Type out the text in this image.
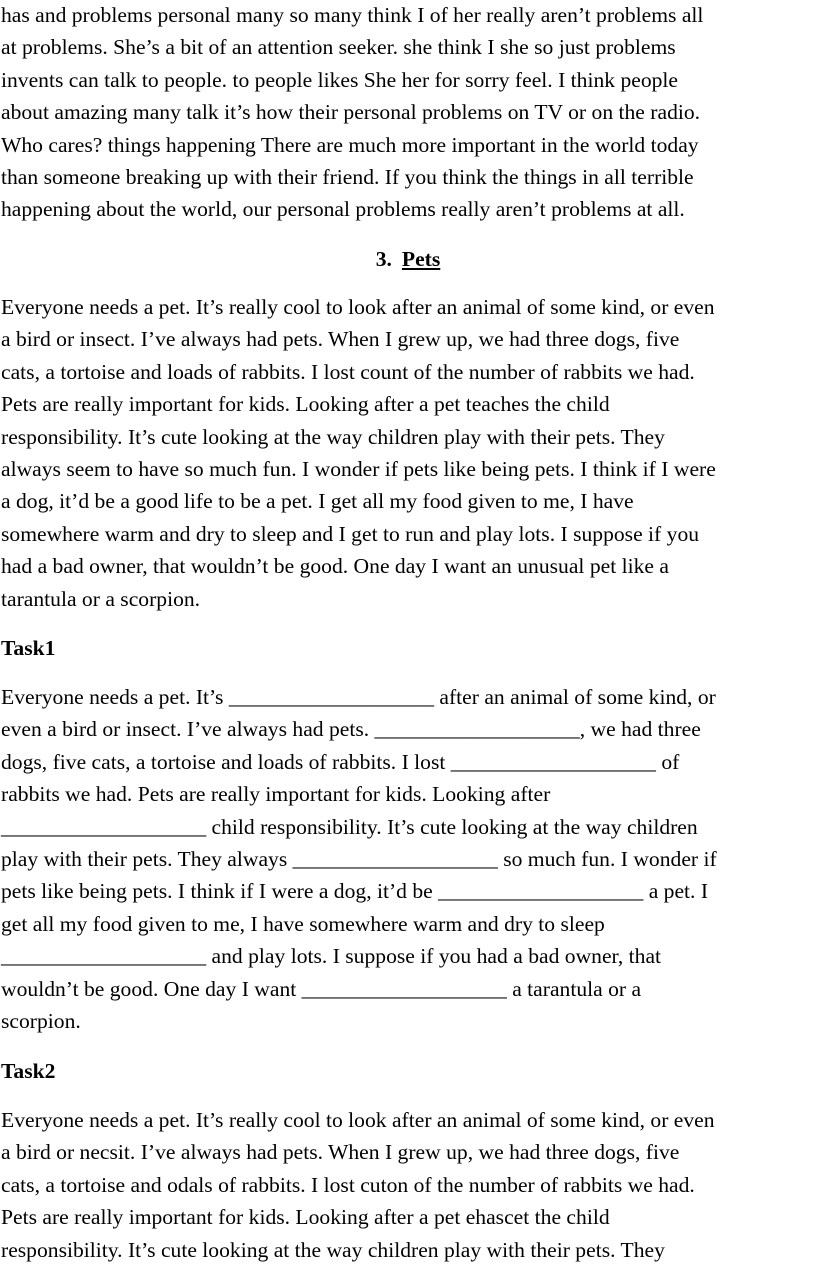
has and problems personal many so many think I of her really aren’t problems all
at problems. She’s a bit of an attention seeker. she think I she so just problems
invents can talk to people. to people likes She her for sorry feel. I think people
about amazing many talk it’s how their personal problems on TV or on the radio.
Who cares? things happening There are much more important in the world today
than someone breaking up with their friend. If you think the things in all terrible
happening about the world, our personal problems really aren’t problems at all.
3. Pets
Everyone needs a pet. It’s really cool to look after an animal of some kind, or even
a bird or insect. I’ve always had pets. When I grew up, we had three dogs, five
cats, a tortoise and loads of rabbits. I lost count of the number of rabbits we had.
Pets are really important for kids. Looking after a pet teaches the child
responsibility. It’s cute looking at the way children play with their pets. They
always seem to have so much fun. I wonder if pets like being pets. I think if I were
a dog, it’d be a good life to be a pet. I get all my food given to me, I have
somewhere warm and dry to sleep and I get to run and play lots. I suppose if you
had a bad owner, that wouldn’t be good. One day I want an unusual pet like a
tarantula or a scorpion.
Task1
Everyone needs a pet. It’s ___________________ after an animal of some kind, or
even a bird or insect. I’ve always had pets. ___________________, we had three
dogs, five cats, a tortoise and loads of rabbits. I lost ___________________ of
rabbits we had. Pets are really important for kids. Looking after
___________________ child responsibility. It’s cute looking at the way children
play with their pets. They always ___________________ so much fun. I wonder if
pets like being pets. I think if I were a dog, it’d be ___________________ a pet. I
get all my food given to me, I have somewhere warm and dry to sleep
___________________ and play lots. I suppose if you had a bad owner, that
wouldn’t be good. One day I want ___________________ a tarantula or a
scorpion.
Task2
Everyone needs a pet. It’s really cool to look after an animal of some kind, or even
a bird or necsit. I’ve always had pets. When I grew up, we had three dogs, five
cats, a tortoise and odals of rabbits. I lost cuton of the number of rabbits we had.
Pets are really important for kids. Looking after a pet ehascet the child
responsibility. It’s cute looking at the way children play with their pets. They
